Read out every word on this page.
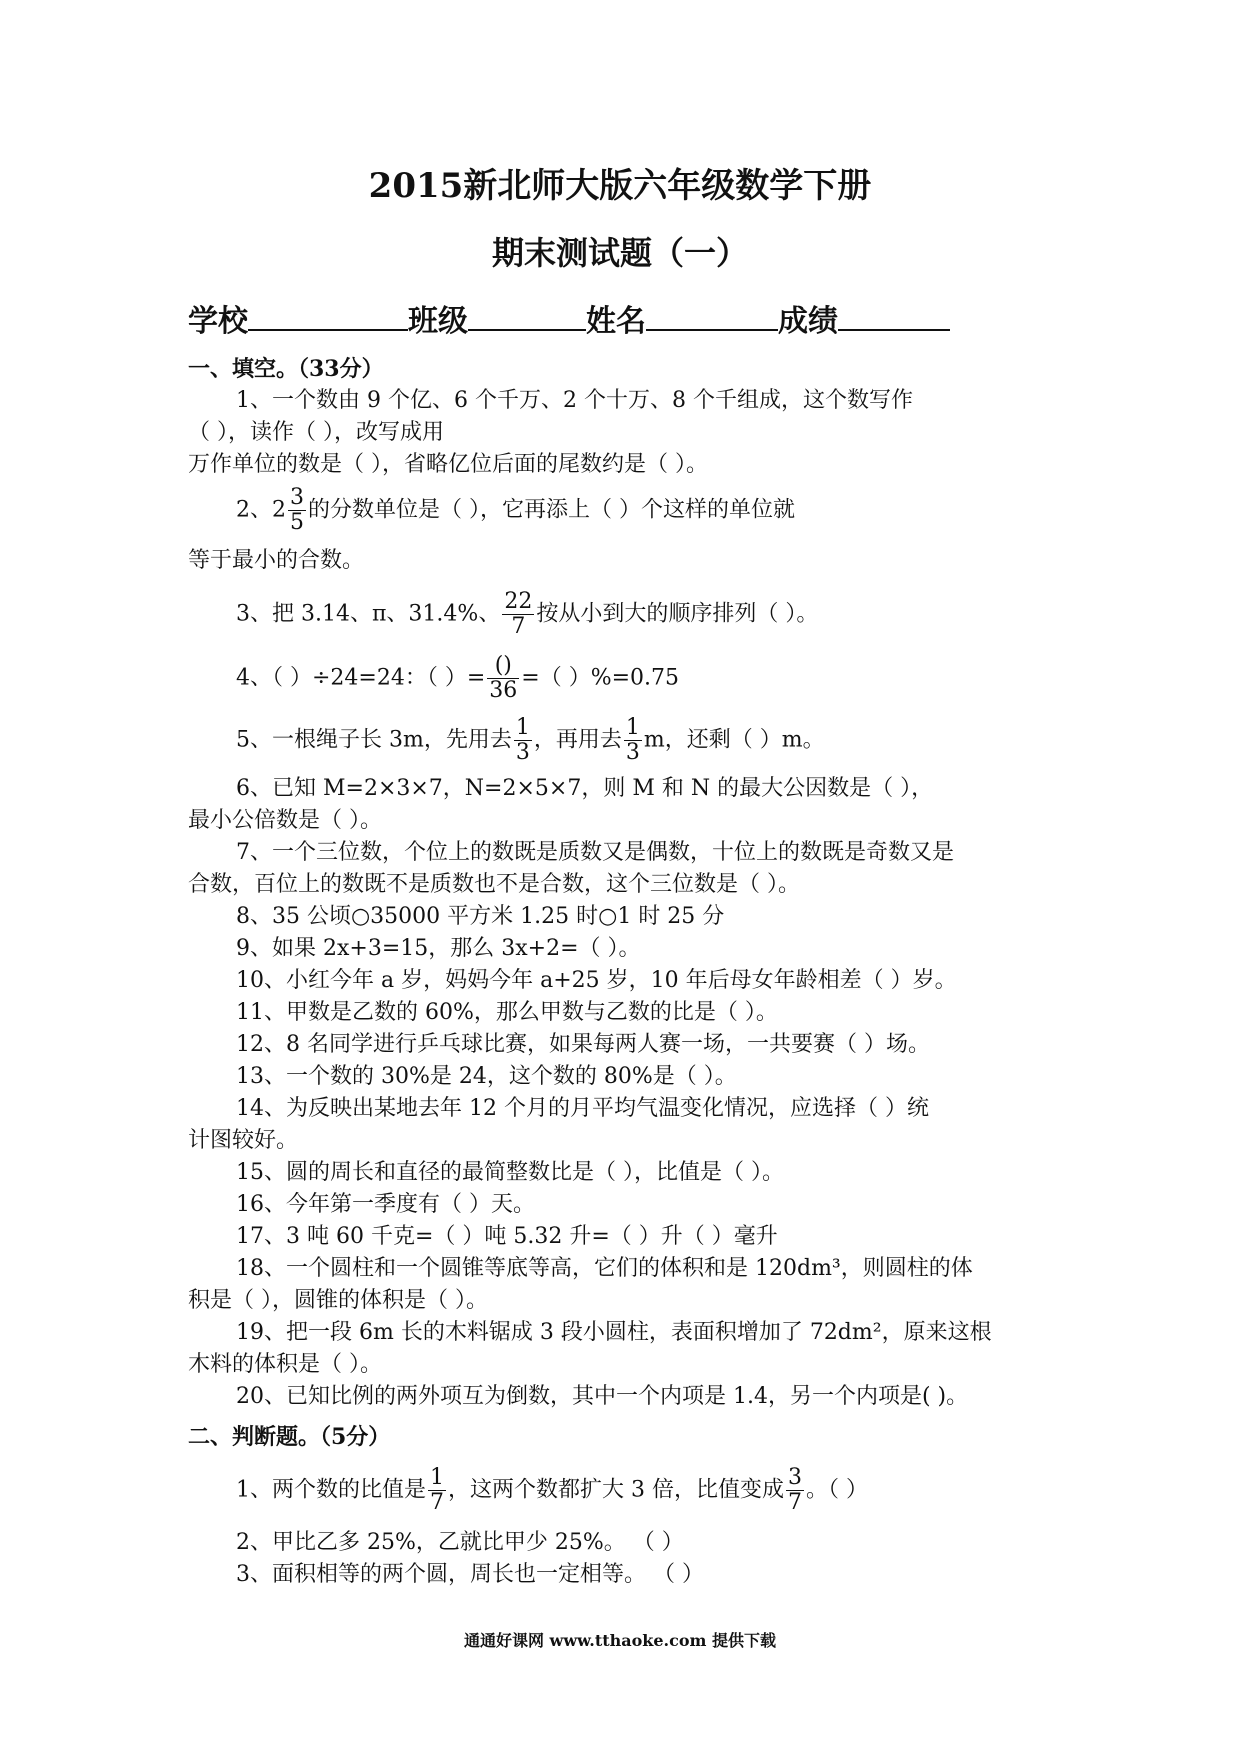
2015新北师大版六年级数学下册
期末测试题（一）
学校	班级	姓名	成绩
一、填空。（33分）
1、一个数由 9 个亿、6 个千万、2 个十万、8 个千组成，这个数写作
（ ），读作（ ），改写成用
万作单位的数是（ ），省略亿位后面的尾数约是（ ）。
2、$2 \frac{3}{5}$ 的分数单位是（ ），它再添上（ ）个这样的单位就
等于最小的合数。
3、把 3.14、π、31.4%、 $\frac{22}{7}$ 按从小到大的顺序排列（ ）。
4、（ ）÷24=24：（ ）= $\frac{()}{36}$ =（ ）%=0.75
5、一根绳子长 3m，先用去 $\frac{1}{3}$ ，再用去 $\frac{1}{3}$ m，还剩（ ）m。
6、已知 M=2×3×7，N=2×5×7，则 M 和 N 的最大公因数是（ ），
最小公倍数是（ ）。
7、一个三位数，个位上的数既是质数又是偶数，十位上的数既是奇数又是
合数，百位上的数既不是质数也不是合数，这个三位数是（ ）。
8、35 公顷○35000 平方米 1.25 时○1 时 25 分
9、如果 2x+3=15，那么 3x+2=（ ）。
10、小红今年 a 岁，妈妈今年 a+25 岁，10 年后母女年龄相差（ ）岁。
11、甲数是乙数的 60%，那么甲数与乙数的比是（ ）。
12、8 名同学进行乒乓球比赛，如果每两人赛一场，一共要赛（ ）场。
13、一个数的 30%是 24，这个数的 80%是（ ）。
14、为反映出某地去年 12 个月的月平均气温变化情况，应选择（ ）统
计图较好。
15、圆的周长和直径的最简整数比是（ ），比值是（ ）。
16、今年第一季度有（ ）天。
17、3 吨 60 千克=（ ）吨 5.32 升=（ ）升（ ）毫升
18、一个圆柱和一个圆锥等底等高，它们的体积和是 120dm³，则圆柱的体
积是（ ），圆锥的体积是（ ）。
19、把一段 6m 长的木料锯成 3 段小圆柱，表面积增加了 72dm²，原来这根
木料的体积是（ ）。
20、已知比例的两外项互为倒数，其中一个内项是 1.4，另一个内项是( )。
二、判断题。（5分）
1、两个数的比值是 $\frac{1}{7}$ ，这两个数都扩大 3 倍，比值变成 $\frac{3}{7}$ 。（ ）
2、甲比乙多 25%，乙就比甲少 25%。 （ ）
3、面积相等的两个圆，周长也一定相等。 （ ）
通通好课网 www.tthaoke.com 提供下载
